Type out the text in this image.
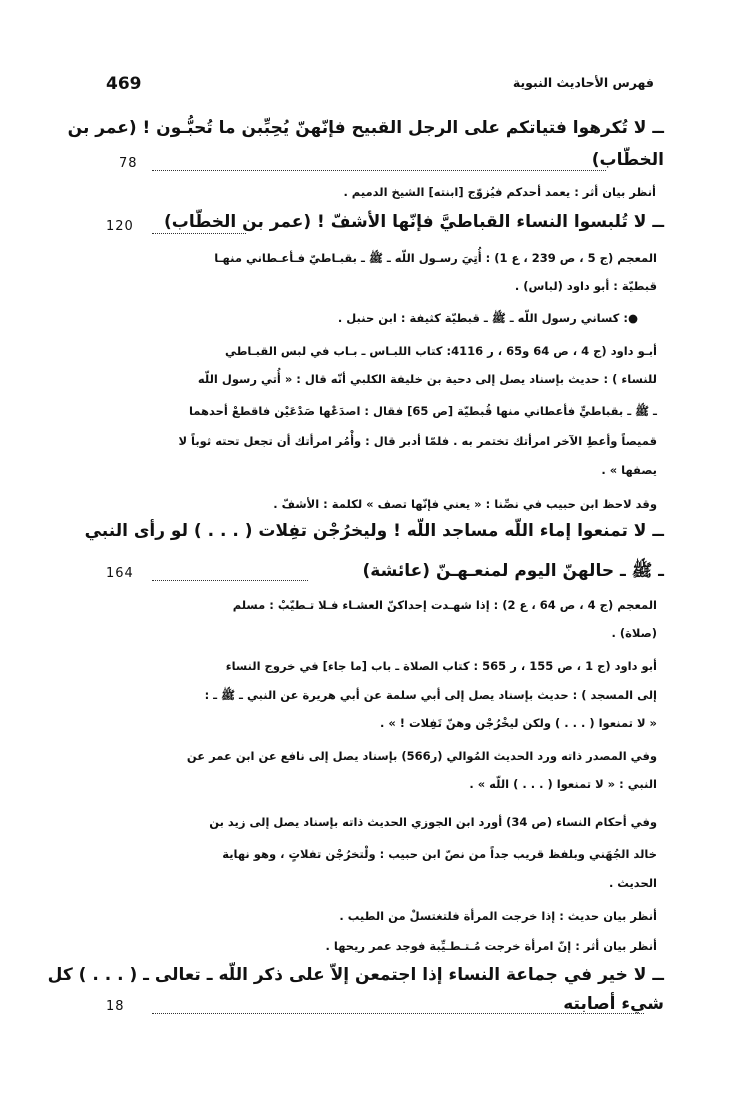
469	فهرس الأحاديث النبوية
ــ لا تُكرهوا فتياتكم على الرجل القبيح فإنّهنّ يُحِبِّبن ما تُحبُّـون ! (عمر بن
الخطّاب)
78
أنظر بيان أثر : يعمد أحدكم فيُزوّج [ابنته] الشيخ الدميم .
ــ لا تُلبسوا النساء القباطيَّ فإنّها الأشفّ ! (عمر بن الخطّاب)
120
المعجم (ج 5 ، ص 239 ، ع 1) : أُتِيَ رسـول اللّه ـ ﷺ ـ بقبـاطيّ فـأعـطاني منهـا
قبطيّة : أبو داود (لباس) .
●: كساني رسول اللّه ـ ﷺ ـ قبطيّة كثيفة : ابن حنبل .
أبـو داود (ج 4 ، ص 64 و65 ، ر 4116: كتاب اللبـاس ـ بـاب في لبس القبـاطي
للنساء ) : حديث بإسناد يصل إلى دحية بن خليفة الكلبي أنّه قال : « أُتي رسول اللّه
ـ ﷺ ـ بقباطيٍّ فأعطاني منها قُبطيّة [ص 65] فقال : اصدَعْها صَدْعَيْن فاقطعْ أحدهما
قميصاً وأعطِ الآخر امرأتك تختمر به . فلمّا أدبر قال : وأْمُر امرأتك أن تجعل تحته ثوباً لا
يصفها » .
وقد لاحظ ابن حبيب في نصِّنا : « يعني فإنّها تصف » لكلمة : الأشفّ .
ــ لا تمنعوا إماء اللّه مساجد اللّه ! وليخرُجْن تفِلات ( . . . ) لو رأى النبي
ـ ﷺ ـ حالهنّ اليوم لمنعـهـنّ (عائشة)
164
المعجم (ج 4 ، ص 64 ، ع 2) : إذا شهـدت إحداكنّ العشـاء فـلا تـطيّبْ : مسلم
(صلاة) .
أبو داود (ج 1 ، ص 155 ، ر 565 : كتاب الصلاة ـ باب [ما جاء] في خروج النساء
إلى المسجد ) : حديث بإسناد يصل إلى أبي سلمة عن أبي هريرة عن النبي ـ ﷺ ـ :
« لا تمنعوا ( . . . ) ولكن ليخْرُجْن وهنّ تَفِلات ! » .
وفي المصدر ذاته ورد الحديث المُوالي (ر566) بإسناد يصل إلى نافع عن ابن عمر عن
النبي : « لا تمنعوا ( . . . ) اللّه » .
وفي أحكام النساء (ص 34) أورد ابن الجوزي الحديث ذاته بإسناد يصل إلى زيد بن
خالد الجُهَني وبلفظ قريب جداً من نصّ ابن حبيب : ولْتخرُجْن تفلاتٍ ، وهو نهاية
الحديث .
أنظر بيان حديث : إذا خرجت المرأة فلتغتسلْ من الطيب .
أنظر بيان أثر : إنّ امرأة خرجت مُـتـطـيِّبة فوجد عمر ريحها .
ــ لا خير في جماعة النساء إذا اجتمعن إلاّ على ذكر اللّه ـ تعالى ـ ( . . . ) كل
شيء أصابته
18
